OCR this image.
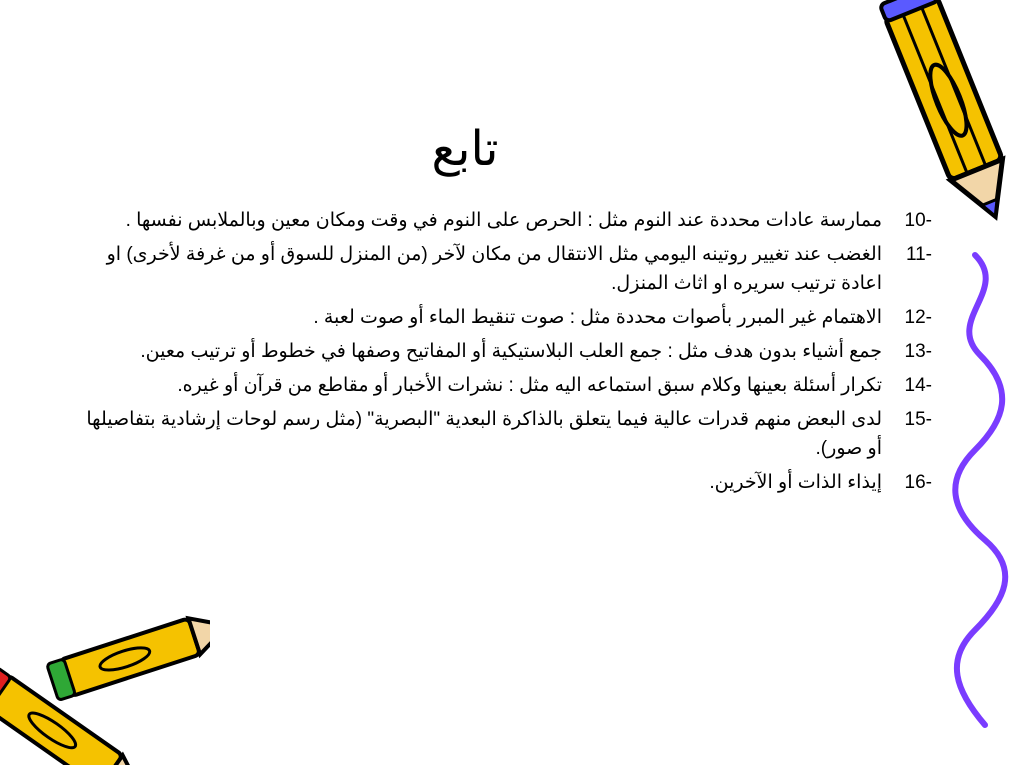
تابع
10-
ممارسة عادات محددة عند النوم مثل : الحرص على النوم في وقت ومكان معين وبالملابس نفسها .
11-
الغضب عند تغيير روتينه اليومي مثل الانتقال من مكان لآخر (من المنزل للسوق أو من غرفة لأخرى) او اعادة ترتيب سريره او اثاث المنزل.
12-
الاهتمام غير المبرر بأصوات محددة مثل : صوت تنقيط الماء أو صوت لعبة .
13-
جمع أشياء بدون هدف مثل : جمع العلب البلاستيكية أو المفاتيح وصفها في خطوط أو ترتيب معين.
14-
تكرار أسئلة بعينها وكلام سبق استماعه اليه مثل : نشرات الأخبار أو مقاطع من قرآن أو غيره.
15-
لدى البعض منهم قدرات عالية فيما يتعلق بالذاكرة البعدية "البصرية" (مثل رسم لوحات إرشادية بتفاصيلها أو صور).
16-
إيذاء الذات أو الآخرين.
